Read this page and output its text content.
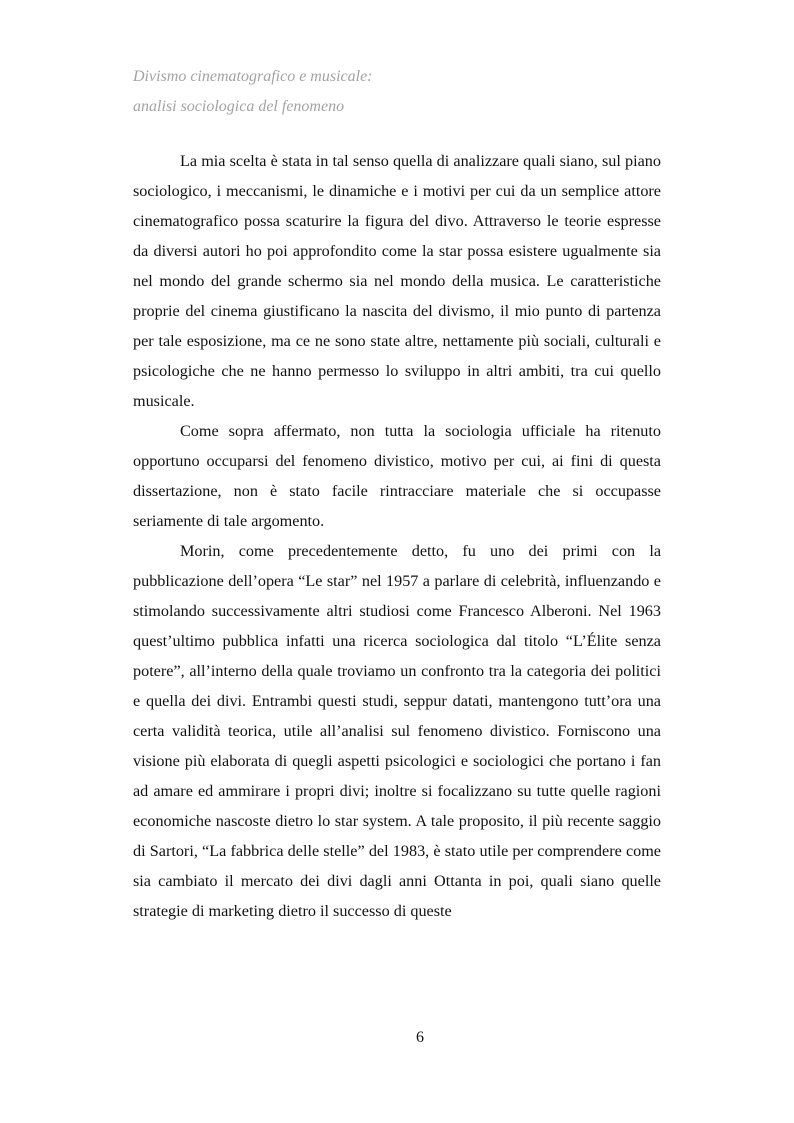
Divismo cinematografico e musicale:
analisi sociologica del fenomeno

La mia scelta è stata in tal senso quella di analizzare quali siano, sul piano sociologico, i meccanismi, le dinamiche e i motivi per cui da un semplice attore cinematografico possa scaturire la figura del divo. Attraverso le teorie espresse da diversi autori ho poi approfondito come la star possa esistere ugualmente sia nel mondo del grande schermo sia nel mondo della musica. Le caratteristiche proprie del cinema giustificano la nascita del divismo, il mio punto di partenza per tale esposizione, ma ce ne sono state altre, nettamente più sociali, culturali e psicologiche che ne hanno permesso lo sviluppo in altri ambiti, tra cui quello musicale.

Come sopra affermato, non tutta la sociologia ufficiale ha ritenuto opportuno occuparsi del fenomeno divistico, motivo per cui, ai fini di questa dissertazione, non è stato facile rintracciare materiale che si occupasse seriamente di tale argomento.

Morin, come precedentemente detto, fu uno dei primi con la pubblicazione dell’opera “Le star” nel 1957 a parlare di celebrità, influenzando e stimolando successivamente altri studiosi come Francesco Alberoni. Nel 1963 quest’ultimo pubblica infatti una ricerca sociologica dal titolo “L’Élite senza potere”, all’interno della quale troviamo un confronto tra la categoria dei politici e quella dei divi. Entrambi questi studi, seppur datati, mantengono tutt’ora una certa validità teorica, utile all’analisi sul fenomeno divistico. Forniscono una visione più elaborata di quegli aspetti psicologici e sociologici che portano i fan ad amare ed ammirare i propri divi; inoltre si focalizzano su tutte quelle ragioni economiche nascoste dietro lo star system. A tale proposito, il più recente saggio di Sartori, “La fabbrica delle stelle” del 1983, è stato utile per comprendere come sia cambiato il mercato dei divi dagli anni Ottanta in poi, quali siano quelle strategie di marketing dietro il successo di queste

6
